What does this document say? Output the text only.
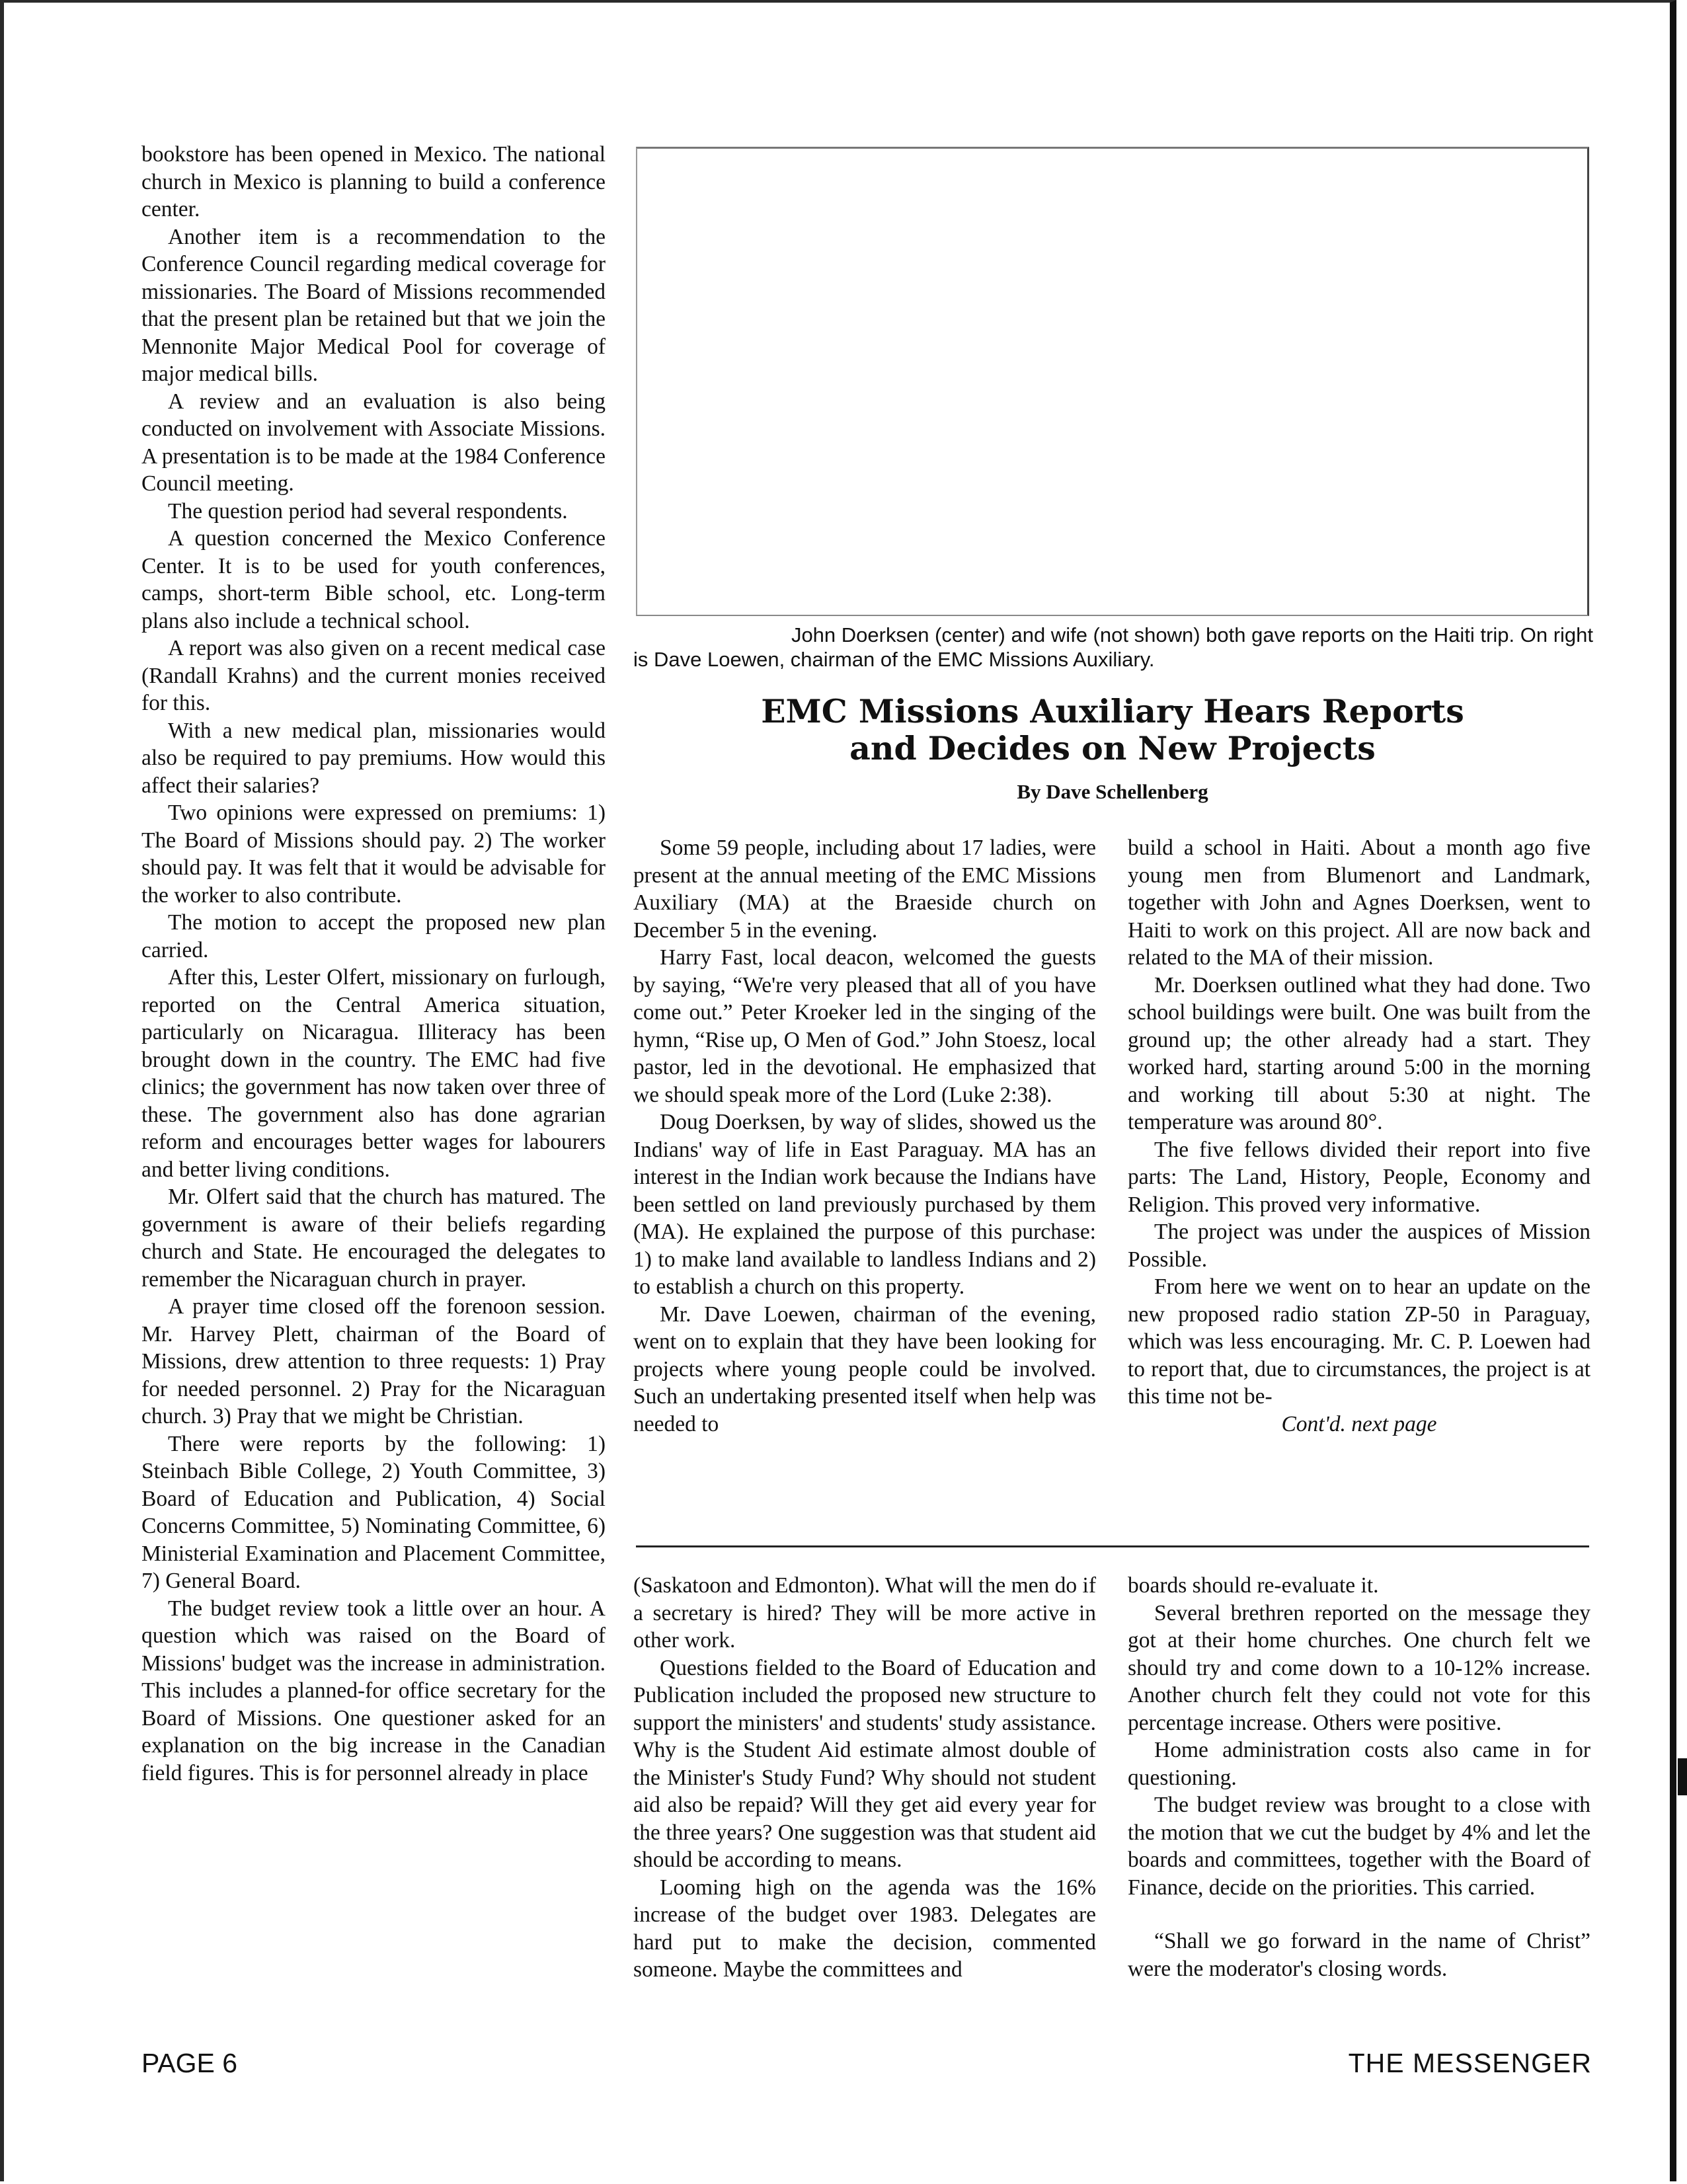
bookstore has been opened in Mexico. The national church in Mexico is planning to build a conference center.

Another item is a recommendation to the Conference Council regarding medical coverage for missionaries. The Board of Missions recommended that the present plan be retained but that we join the Mennonite Major Medical Pool for coverage of major medical bills.

A review and an evaluation is also being conducted on involvement with Associate Missions. A presentation is to be made at the 1984 Conference Council meeting.

The question period had several respondents.

A question concerned the Mexico Conference Center. It is to be used for youth conferences, camps, short-term Bible school, etc. Long-term plans also include a technical school.

A report was also given on a recent medical case (Randall Krahns) and the current monies received for this.

With a new medical plan, missionaries would also be required to pay premiums. How would this affect their salaries?

Two opinions were expressed on premiums: 1) The Board of Missions should pay. 2) The worker should pay. It was felt that it would be advisable for the worker to also contribute.

The motion to accept the proposed new plan carried.

After this, Lester Olfert, missionary on furlough, reported on the Central America situation, particularly on Nicaragua. Illiteracy has been brought down in the country. The EMC had five clinics; the government has now taken over three of these. The government also has done agrarian reform and encourages better wages for labourers and better living conditions.

Mr. Olfert said that the church has matured. The government is aware of their beliefs regarding church and State. He encouraged the delegates to remember the Nicaraguan church in prayer.

A prayer time closed off the forenoon session. Mr. Harvey Plett, chairman of the Board of Missions, drew attention to three requests: 1) Pray for needed personnel. 2) Pray for the Nicaraguan church. 3) Pray that we might be Christian.

There were reports by the following: 1) Steinbach Bible College, 2) Youth Committee, 3) Board of Education and Publication, 4) Social Concerns Committee, 5) Nominating Committee, 6) Ministerial Examination and Placement Committee, 7) General Board.

The budget review took a little over an hour. A question which was raised on the Board of Missions' budget was the increase in administration. This includes a planned-for office secretary for the Board of Missions. One questioner asked for an explanation on the big increase in the Canadian field figures. This is for personnel already in place

John Doerksen (center) and wife (not shown) both gave reports on the Haiti trip. On right
is Dave Loewen, chairman of the EMC Missions Auxiliary.
EMC Missions Auxiliary Hears Reports
and Decides on New Projects
By Dave Schellenberg

Some 59 people, including about 17 ladies, were present at the annual meeting of the EMC Missions Auxiliary (MA) at the Braeside church on December 5 in the evening.

Harry Fast, local deacon, welcomed the guests by saying, “We're very pleased that all of you have come out.” Peter Kroeker led in the singing of the hymn, “Rise up, O Men of God.” John Stoesz, local pastor, led in the devotional. He emphasized that we should speak more of the Lord (Luke 2:38).

Doug Doerksen, by way of slides, showed us the Indians' way of life in East Paraguay. MA has an interest in the Indian work because the Indians have been settled on land previously purchased by them (MA). He explained the purpose of this purchase: 1) to make land available to landless Indians and 2) to establish a church on this property.

Mr. Dave Loewen, chairman of the evening, went on to explain that they have been looking for projects where young people could be involved. Such an undertaking presented itself when help was needed to

build a school in Haiti. About a month ago five young men from Blumenort and Landmark, together with John and Agnes Doerksen, went to Haiti to work on this project. All are now back and related to the MA of their mission.

Mr. Doerksen outlined what they had done. Two school buildings were built. One was built from the ground up; the other already had a start. They worked hard, starting around 5:00 in the morning and working till about 5:30 at night. The temperature was around 80°.

The five fellows divided their report into five parts: The Land, History, People, Economy and Religion. This proved very informative.

The project was under the auspices of Mission Possible.

From here we went on to hear an update on the new proposed radio station ZP-50 in Paraguay, which was less encouraging. Mr. C. P. Loewen had to report that, due to circumstances, the project is at this time not be-

Cont'd. next page

(Saskatoon and Edmonton). What will the men do if a secretary is hired? They will be more active in other work.

Questions fielded to the Board of Education and Publication included the proposed new structure to support the ministers' and students' study assistance. Why is the Student Aid estimate almost double of the Minister's Study Fund? Why should not student aid also be repaid? Will they get aid every year for the three years? One suggestion was that student aid should be according to means.

Looming high on the agenda was the 16% increase of the budget over 1983. Delegates are hard put to make the decision, commented someone. Maybe the committees and

boards should re-evaluate it.

Several brethren reported on the message they got at their home churches. One church felt we should try and come down to a 10-12% increase. Another church felt they could not vote for this percentage increase. Others were positive.

Home administration costs also came in for questioning.

The budget review was brought to a close with the motion that we cut the budget by 4% and let the boards and committees, together with the Board of Finance, decide on the priorities. This carried.

“Shall we go forward in the name of Christ” were the moderator's closing words.

PAGE 6	THE MESSENGER
